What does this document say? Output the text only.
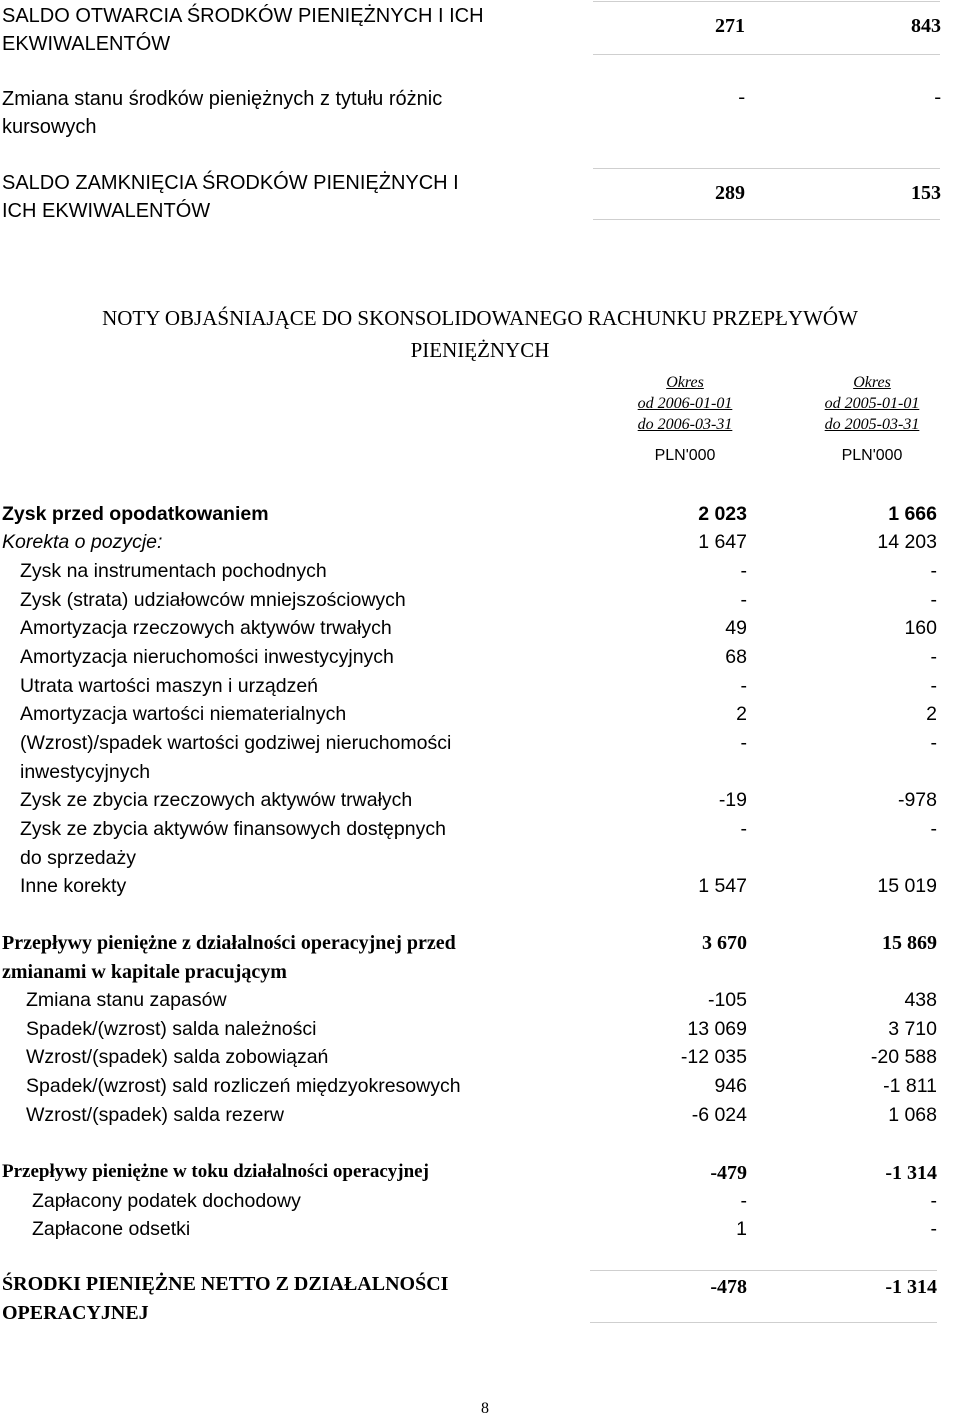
SALDO OTWARCIA ŚRODKÓW PIENIĘŻNYCH I ICH
EKWIWALENTÓW
271	843
Zmiana stanu środków pieniężnych z tytułu różnic
kursowych
-	-
SALDO ZAMKNIĘCIA ŚRODKÓW PIENIĘŻNYCH I
ICH EKWIWALENTÓW
289	153
NOTY OBJAŚNIAJĄCE DO SKONSOLIDOWANEGO RACHUNKU PRZEPŁYWÓW
PIENIĘŻNYCH
Okres
od 2006-01-01
do 2006-03-31
PLN'000
Okres
od 2005-01-01
do 2005-03-31
PLN'000
Zysk przed opodatkowaniem	2 023	1 666
Korekta o pozycje:	1 647	14 203
Zysk na instrumentach pochodnych	-	-
Zysk (strata) udziałowców mniejszościowych	-	-
Amortyzacja rzeczowych aktywów trwałych	49	160
Amortyzacja nieruchomości inwestycyjnych	68	-
Utrata wartości maszyn i urządzeń	-	-
Amortyzacja wartości niematerialnych	2	2
(Wzrost)/spadek wartości godziwej nieruchomości
inwestycyjnych
-	-
Zysk ze zbycia rzeczowych aktywów trwałych	-19	-978
Zysk ze zbycia aktywów finansowych dostępnych
do sprzedaży
-	-
Inne korekty	1 547	15 019
Przepływy pieniężne z działalności operacyjnej przed
zmianami w kapitale pracującym
3 670	15 869
Zmiana stanu zapasów	-105	438
Spadek/(wzrost) salda należności	13 069	3 710
Wzrost/(spadek) salda zobowiązań	-12 035	-20 588
Spadek/(wzrost) sald rozliczeń międzyokresowych	946	-1 811
Wzrost/(spadek) salda rezerw	-6 024	1 068
Przepływy pieniężne w toku działalności operacyjnej	-479	-1 314
Zapłacony podatek dochodowy	-	-
Zapłacone odsetki	1	-
ŚRODKI PIENIĘŻNE NETTO Z DZIAŁALNOŚCI
OPERACYJNEJ
-478	-1 314
8
